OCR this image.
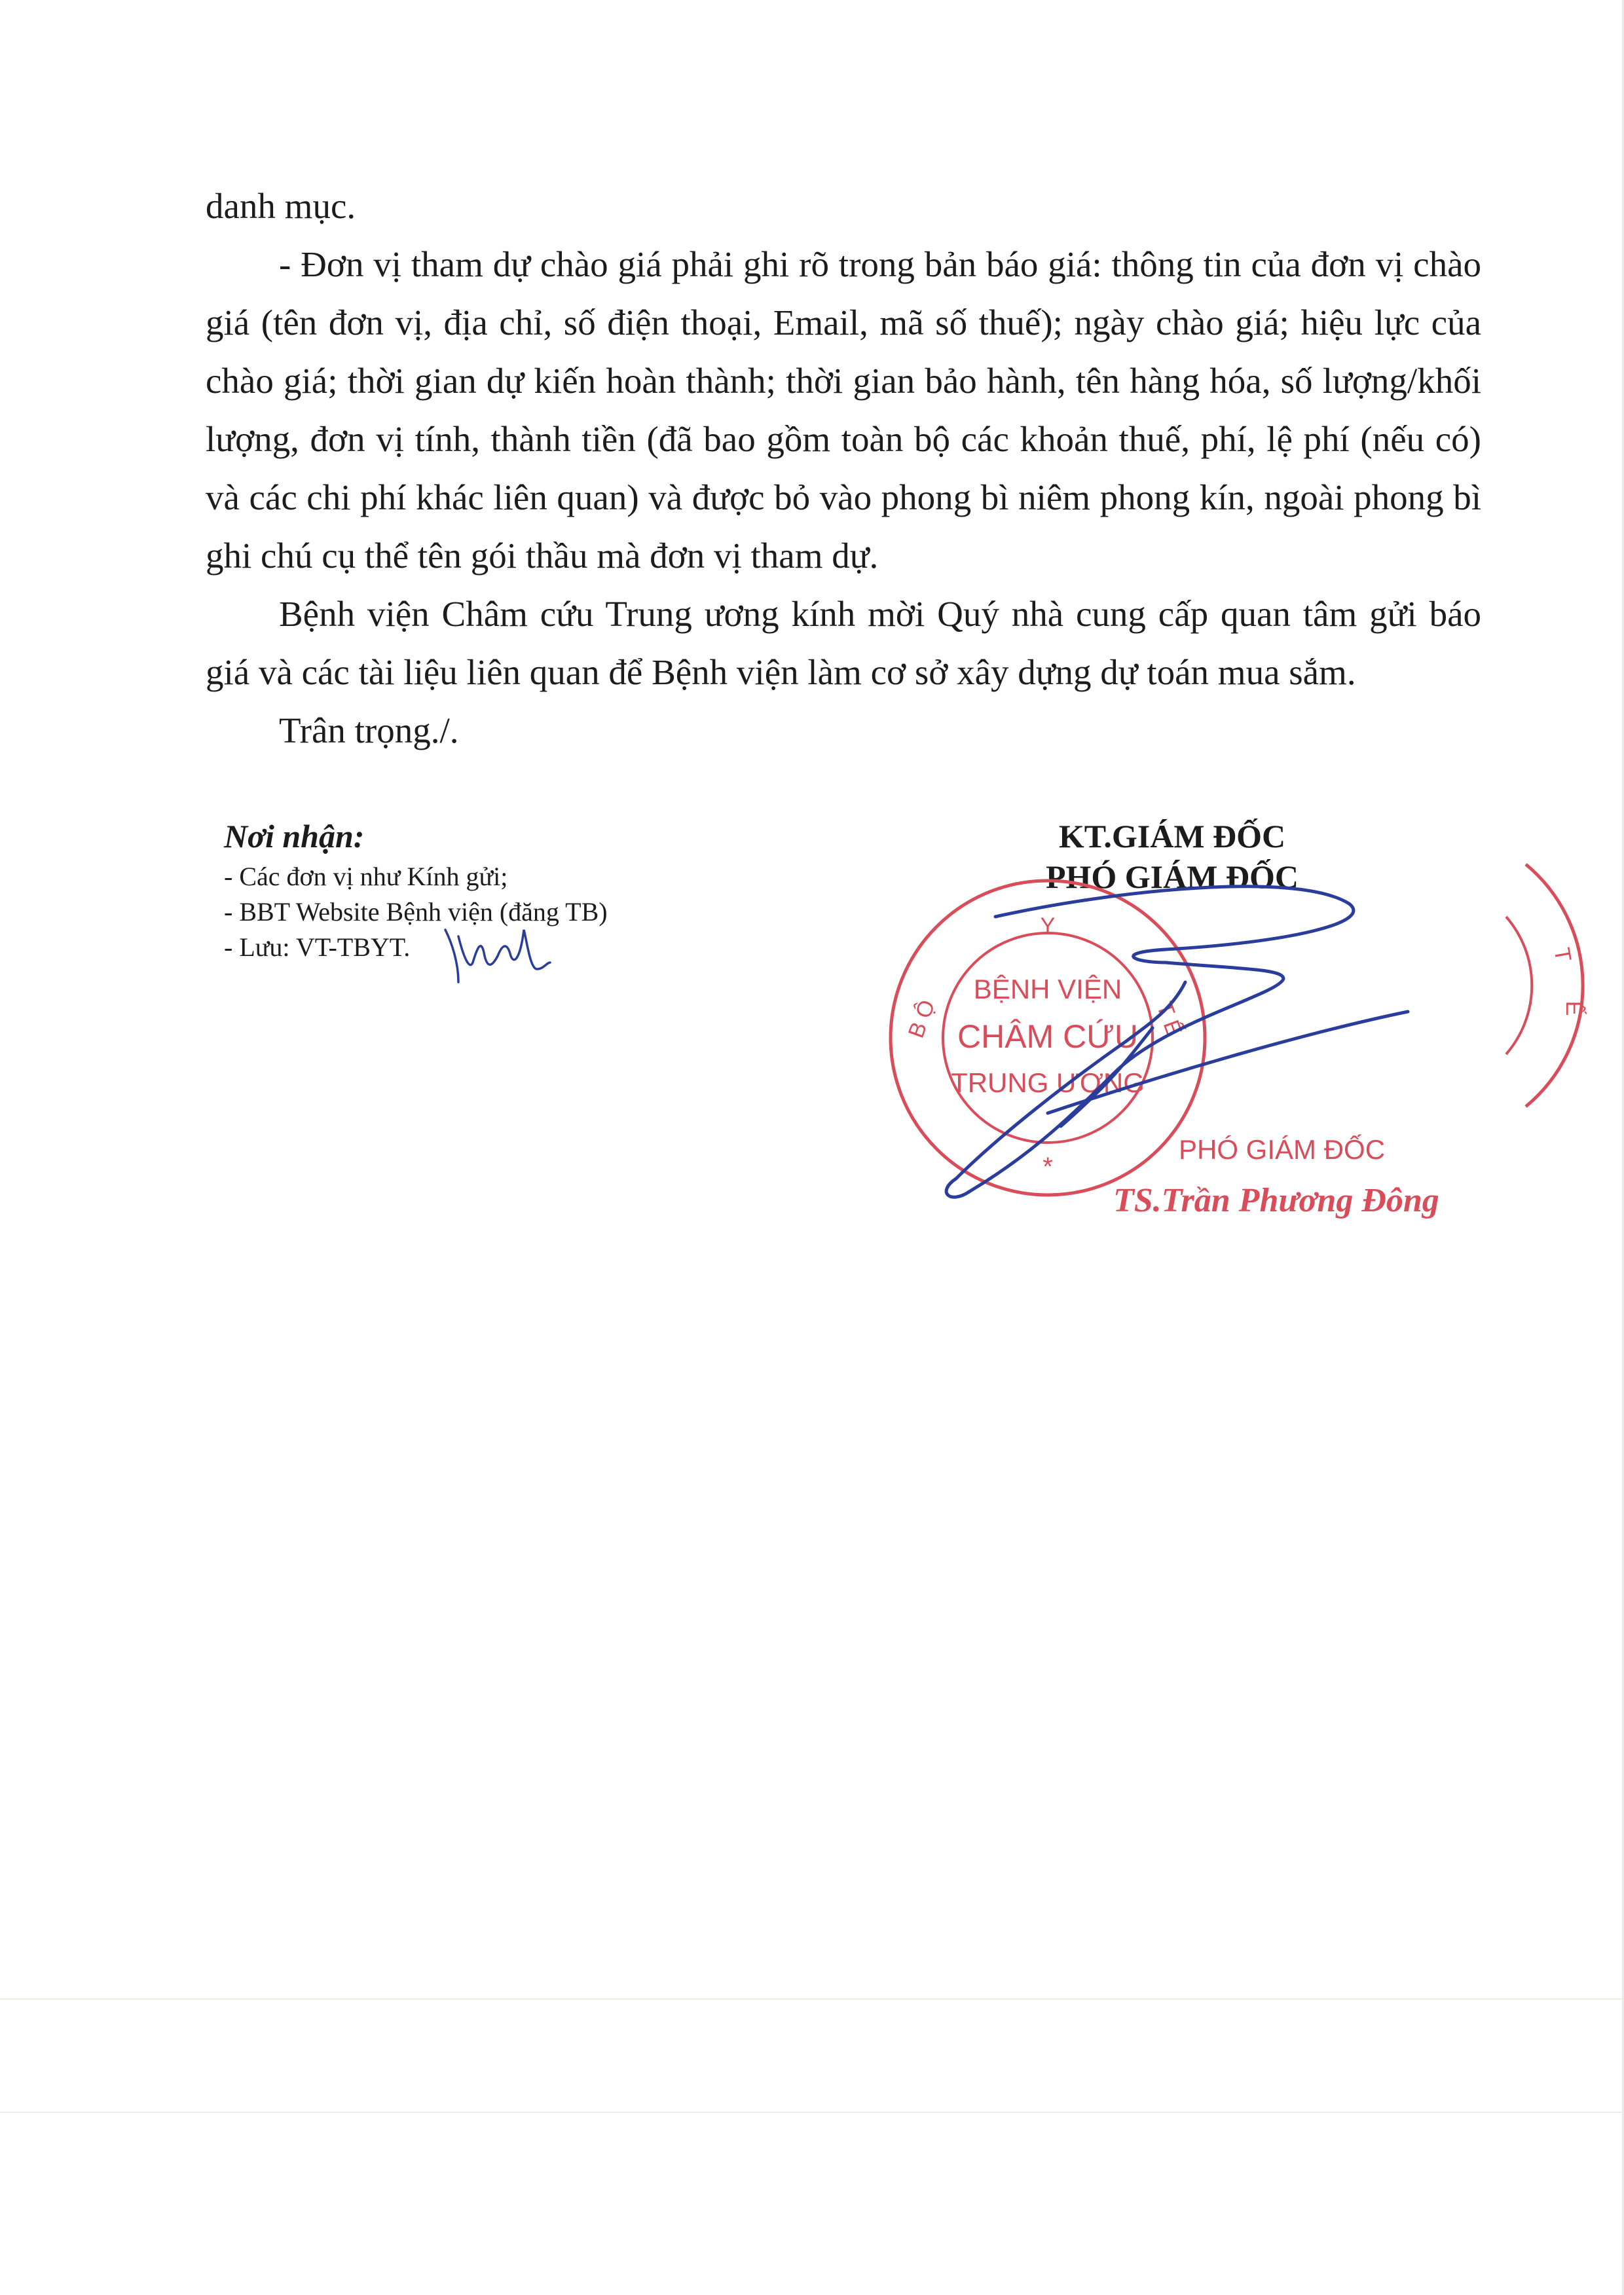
danh mục.

- Đơn vị tham dự chào giá phải ghi rõ trong bản báo giá: thông tin của đơn vị chào giá (tên đơn vị, địa chỉ, số điện thoại, Email, mã số thuế); ngày chào giá; hiệu lực của chào giá; thời gian dự kiến hoàn thành; thời gian bảo hành, tên hàng hóa, số lượng/khối lượng, đơn vị tính, thành tiền (đã bao gồm toàn bộ các khoản thuế, phí, lệ phí (nếu có) và các chi phí khác liên quan) và được bỏ vào phong bì niêm phong kín, ngoài phong bì ghi chú cụ thể tên gói thầu mà đơn vị tham dự.

Bệnh viện Châm cứu Trung ương kính mời Quý nhà cung cấp quan tâm gửi báo giá và các tài liệu liên quan để Bệnh viện làm cơ sở xây dựng dự toán mua sắm.

Trân trọng./.

Nơi nhận:
- Các đơn vị như Kính gửi;
- BBT Website Bệnh viện (đăng TB)
- Lưu: VT-TBYT.
KT.GIÁM ĐỐC
PHÓ GIÁM ĐỐC
Y
B Ộ	T Ế
*
BỆNH VIỆN
CHÂM CỨU
TRUNG ƯƠNG
T
Ế
PHÓ GIÁM ĐỐC
TS.Trần Phương Đông
